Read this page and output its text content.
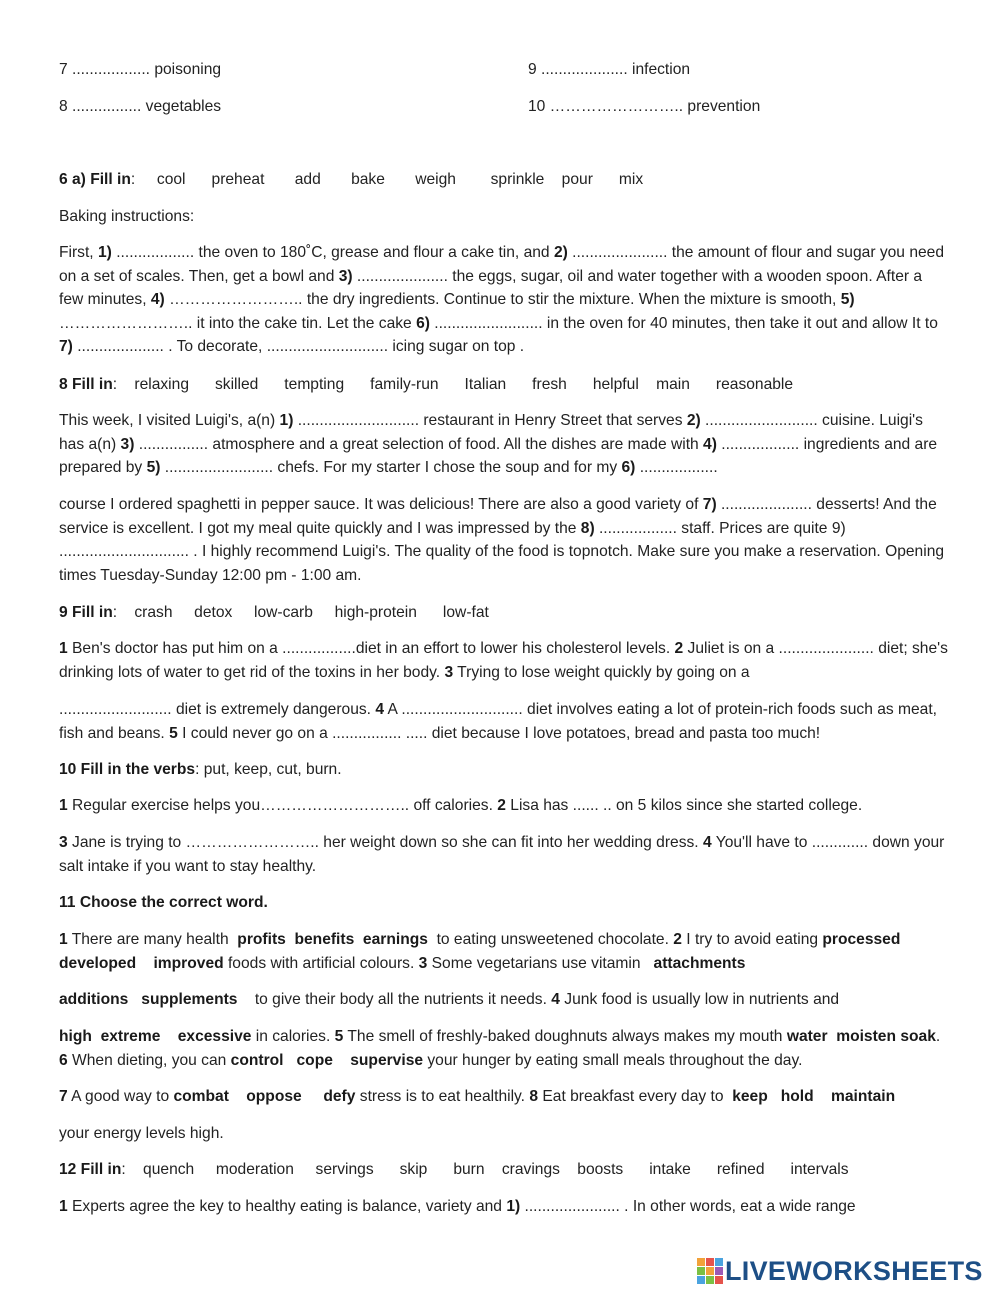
7 .................. poisoning
8 ................ vegetables
9 .................... infection
10 …………………….. prevention
6 a) Fill in:     cool      preheat       add       bake       weigh        sprinkle    pour      mix
Baking instructions:
First, 1) .................. the oven to 180˚C, grease and flour a cake tin, and 2) ...................... the amount of flour and sugar you need on a set of scales. Then, get a bowl and 3) ..................... the eggs, sugar, oil and water together with a wooden spoon. After a few minutes, 4) …………………….. the dry ingredients. Continue to stir the mixture. When the mixture is smooth, 5) …………………….. it into the cake tin. Let the cake 6) ......................... in the oven for 40 minutes, then take it out and allow It to 7) .................... . To decorate, ............................ icing sugar on top .
8 Fill in:    relaxing      skilled      tempting      family-run      Italian      fresh      helpful    main      reasonable
This week, I visited Luigi's, a(n) 1) ............................ restaurant in Henry Street that serves 2) .......................... cuisine. Luigi's has a(n) 3) ................ atmosphere and a great selection of food. All the dishes are made with 4) .................. ingredients and are prepared by 5) ......................... chefs. For my starter I chose the soup and for my 6) ..................
course I ordered spaghetti in pepper sauce. It was delicious! There are also a good variety of 7) ..................... desserts! And the service is excellent. I got my meal quite quickly and I was impressed by the 8) .................. staff. Prices are quite 9) .............................. . I highly recommend Luigi's. The quality of the food is topnotch. Make sure you make a reservation. Opening times Tuesday-Sunday 12:00 pm - 1:00 am.
9 Fill in:    crash     detox     low-carb     high-protein      low-fat
1 Ben's doctor has put him on a .................diet in an effort to lower his cholesterol levels. 2 Juliet is on a ...................... diet; she's drinking lots of water to get rid of the toxins in her body. 3 Trying to lose weight quickly by going on a
.......................... diet is extremely dangerous. 4 A ............................ diet involves eating a lot of protein-rich foods such as meat, fish and beans. 5 I could never go on a ................ ..... diet because I love potatoes, bread and pasta too much!
10 Fill in the verbs: put, keep, cut, burn.
1 Regular exercise helps you……………………….. off calories. 2 Lisa has ...... .. on 5 kilos since she started college.
3 Jane is trying to …………………….. her weight down so she can fit into her wedding dress. 4 You'll have to ............. down your salt intake if you want to stay healthy.
11 Choose the correct word.
1 There are many health  profits  benefits  earnings  to eating unsweetened chocolate. 2 I try to avoid eating processed    developed    improved foods with artificial colours. 3 Some vegetarians use vitamin   attachments
additions   supplements    to give their body all the nutrients it needs. 4 Junk food is usually low in nutrients and
high  extreme    excessive in calories. 5 The smell of freshly-baked doughnuts always makes my mouth water  moisten soak. 6 When dieting, you can control   cope    supervise your hunger by eating small meals throughout the day.
7 A good way to combat    oppose     defy stress is to eat healthily. 8 Eat breakfast every day to  keep   hold    maintain
your energy levels high.
12 Fill in:    quench     moderation     servings      skip      burn    cravings    boosts      intake      refined      intervals
1 Experts agree the key to healthy eating is balance, variety and 1) ...................... . In other words, eat a wide range
LIVEWORKSHEETS
